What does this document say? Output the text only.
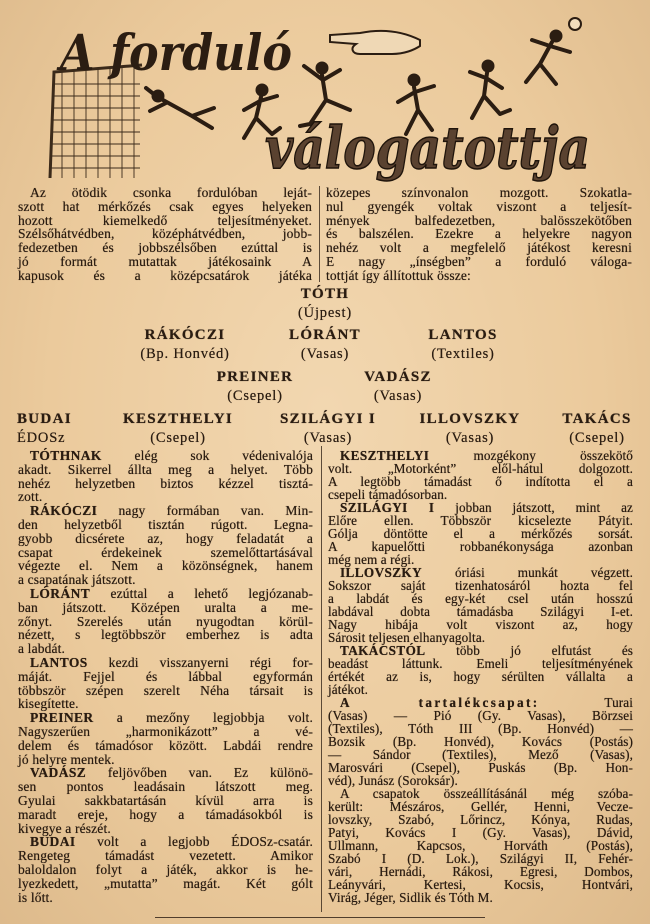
A forduló
válogatottja
Az ötödik csonka fordulóban leját-
szott hat mérkőzés csak egyes helyeken
hozott kiemelkedő teljesítményeket.
Szélsőhátvédben, középhátvédben, jobb-
fedezetben és jobbszélsőben ezúttal is
jó formát mutattak játékosaink A
kapusok és a középcsatárok játéka
közepes színvonalon mozgott. Szokatla-
nul gyengék voltak viszont a teljesít-
mények balfedezetben, balösszekötőben
és balszélen. Ezekre a helyekre nagyon
nehéz volt a megfelelő játékost keresni
E nagy „ínségben” a forduló váloga-
tottját így állítottuk össze:
TÓTH
(Újpest)
RÁKÓCZI
(Bp. Honvéd)
LÓRÁNT
(Vasas)
LANTOS
(Textiles)
PREINER
(Csepel)
VADÁSZ
(Vasas)
BUDAI
ÉDOSz
KESZTHELYI
(Csepel)
SZILÁGYI I
(Vasas)
ILLOVSZKY
(Vasas)
TAKÁCS
(Csepel)
TÓTHNAK elég sok védenivalója
akadt. Sikerrel állta meg a helyet. Több
nehéz helyzetben biztos kézzel tisztá-
zott.
RÁKÓCZI nagy formában van. Min-
den helyzetből tisztán rúgott. Legna-
gyobb dicsérete az, hogy feladatát a
csapat érdekeinek szemelőttartásával
végezte el. Nem a közönségnek, hanem
a csapatának játszott.
LÓRÁNT ezúttal a lehető legjózanab-
ban játszott. Középen uralta a me-
zőnyt. Szerelés után nyugodtan körül-
nézett, s legtöbbször emberhez is adta
a labdát.
LANTOS kezdi visszanyerni régi for-
máját. Fejjel és lábbal egyformán
többször szépen szerelt Néha társait is
kisegítette.
PREINER a mezőny legjobbja volt.
Nagyszerűen „harmonikázott” a vé-
delem és támadósor között. Labdái rendre
jó helyre mentek.
VADÁSZ feljövőben van. Ez különö-
sen pontos leadásain látszott meg.
Gyulai sakkbatartásán kívül arra is
maradt ereje, hogy a támadásokból is
kivegye a részét.
BUDAI volt a legjobb ÉDOSz-csatár.
Rengeteg támadást vezetett. Amikor
baloldalon folyt a játék, akkor is he-
lyezkedett, „mutatta” magát. Két gólt
is lőtt.
KESZTHELYI	mozgékony összekötő
volt. „Motorként” elől-hátul dolgozott.
A legtöbb támadást ő indította el a
csepeli támadósorban.
SZILÁGYI I jobban játszott, mint az
Előre ellen. Többször kicselezte Pátyit.
Gólja döntötte el a mérkőzés sorsát.
A kapuelőtti robbanékonysága azonban
még nem a régi.
ILLOVSZKY óriási munkát végzett.
Sokszor saját tizenhatosáról hozta fel
a labdát és egy-két csel után hosszú
labdával dobta támadásba Szilágyi I-et.
Nagy hibája volt viszont az, hogy
Sárosit teljesen elhanyagolta.
TAKÁCSTÓL több jó elfutást és
beadást láttunk. Emeli teljesítményének
értékét az is, hogy sérülten vállalta a
játékot.
A tartalékcsapat:	Turai
(Vasas) — Pió (Gy. Vasas), Börzsei
(Textiles), Tóth III (Bp. Honvéd) —
Bozsik (Bp. Honvéd), Kovács (Postás)
— Sándor (Textiles), Mező (Vasas),
Marosvári (Csepel), Puskás (Bp. Hon-
véd), Junász (Soroksár).
A csapatok összeállításánál még szóba-
került: Mészáros, Gellér, Henni, Vecze-
lovszky, Szabó, Lőrincz, Kónya, Rudas,
Patyi, Kovács I (Gy. Vasas), Dávid,
Ullmann, Kapcsos, Horváth (Postás),
Szabó I (D. Lok.), Szilágyi II, Fehér-
vári, Hernádi, Rákosi, Egresi, Dombos,
Leányvári, Kertesi, Kocsis, Hontvári,
Virág, Jéger, Sidlik és Tóth M.
